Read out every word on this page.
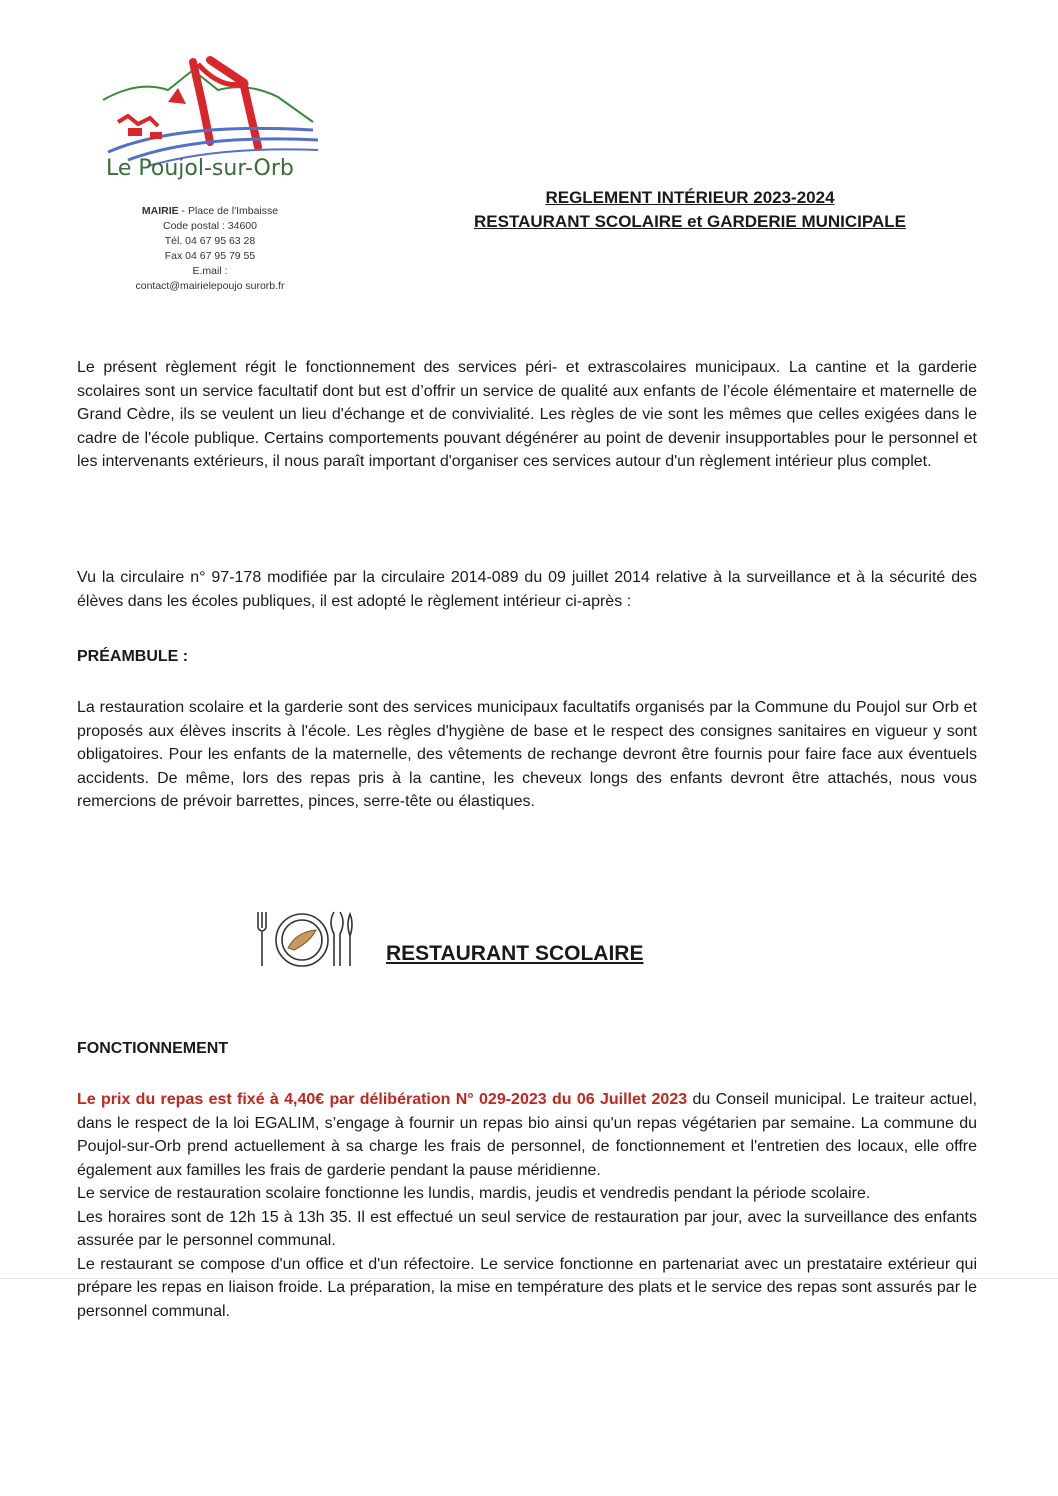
Le Poujol-sur-Orb
MAIRIE - Place de l'Imbaisse
Code postal : 34600
Tél. 04 67 95 63 28
Fax 04 67 95 79 55
E.mail :
contact@mairielepoujo surorb.fr
REGLEMENT INTÉRIEUR 2023-2024
RESTAURANT SCOLAIRE et GARDERIE MUNICIPALE

Le présent règlement régit le fonctionnement des services péri- et extrascolaires municipaux. La cantine et la garderie scolaires sont un service facultatif dont but est d’offrir un service de qualité aux enfants de l’école élémentaire et maternelle de Grand Cèdre, ils se veulent un lieu d'échange et de convivialité. Les règles de vie sont les mêmes que celles exigées dans le cadre de l'école publique. Certains comportements pouvant dégénérer au point de devenir insupportables pour le personnel et les intervenants extérieurs, il nous paraît important d'organiser ces services autour d'un règlement intérieur plus complet.

Vu la circulaire n° 97-178 modifiée par la circulaire 2014-089 du 09 juillet 2014 relative à la surveillance et à la sécurité des élèves dans les écoles publiques, il est adopté le règlement intérieur ci-après :

PRÉAMBULE :

La restauration scolaire et la garderie sont des services municipaux facultatifs organisés par la Commune du Poujol sur Orb et proposés aux élèves inscrits à l'école. Les règles d'hygiène de base et le respect des consignes sanitaires en vigueur y sont obligatoires. Pour les enfants de la maternelle, des vêtements de rechange devront être fournis pour faire face aux éventuels accidents. De même, lors des repas pris à la cantine, les cheveux longs des enfants devront être attachés, nous vous remercions de prévoir barrettes, pinces, serre-tête ou élastiques.

RESTAURANT SCOLAIRE
FONCTIONNEMENT

Le prix du repas est fixé à 4,40€ par délibération N° 029-2023 du 06 Juillet 2023 du Conseil municipal. Le traiteur actuel, dans le respect de la loi EGALIM, s’engage à fournir un repas bio ainsi qu'un repas végétarien par semaine. La commune du Poujol-sur-Orb prend actuellement à sa charge les frais de personnel, de fonctionnement et l'entretien des locaux, elle offre également aux familles les frais de garderie pendant la pause méridienne.

Le service de restauration scolaire fonctionne les lundis, mardis, jeudis et vendredis pendant la période scolaire.

Les horaires sont de 12h 15 à 13h 35. Il est effectué un seul service de restauration par jour, avec la surveillance des enfants assurée par le personnel communal.

Le restaurant se compose d'un office et d'un réfectoire. Le service fonctionne en partenariat avec un prestataire extérieur qui prépare les repas en liaison froide. La préparation, la mise en température des plats et le service des repas sont assurés par le personnel communal.
